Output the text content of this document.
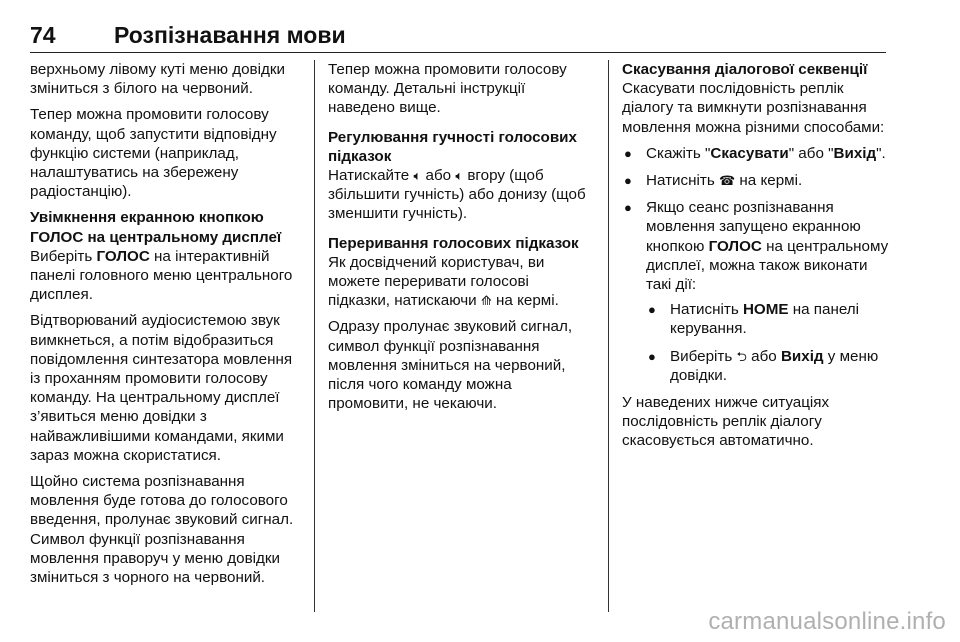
74	Розпізнавання мови

верхньому лівому куті меню довідки зміниться з білого на червоний.

Тепер можна промовити голосову команду, щоб запустити відповідну функцію системи (наприклад, налаштуватись на збережену радіостанцію).

Увімкнення екранною кнопкою ГОЛОС на центральному дисплеї

Виберіть ГОЛОС на інтерактивній панелі головного меню центрального дисплея.

Відтворюваний аудіосистемою звук вимкнеться, а потім відобразиться повідомлення синтезатора мовлення із проханням промовити голосову команду. На центральному дисплеї з’явиться меню довідки з найважливішими командами, якими зараз можна скористатися.

Щойно система розпізнавання мовлення буде готова до голосового введення, пролунає звуковий сигнал. Символ функції розпізнавання мовлення праворуч у меню довідки зміниться з чорного на червоний.

Тепер можна промовити голосову команду. Детальні інструкції наведено вище.

Регулювання гучності голосових підказок

Натискайте 🔈︎ або 🔈︎ вгору (щоб збільшити гучність) або донизу (щоб зменшити гучність).

Переривання голосових підказок

Як досвідчений користувач, ви можете переривати голосові підказки, натискаючи ⟰ на кермі.

Одразу пролунає звуковий сигнал, символ функції розпізнавання мовлення зміниться на червоний, після чого команду можна промовити, не чекаючи.

Скасування діалогової секвенції

Скасувати послідовність реплік діалогу та вимкнути розпізнавання мовлення можна різними способами:

● Скажіть "Скасувати" або "Вихід".
● Натисніть ☎︎ на кермі.
● Якщо сеанс розпізнавання мовлення запущено екранною кнопкою ГОЛОС на центральному дисплеї, можна також виконати такі дії:
● Натисніть HOME на панелі керування.
● Виберіть ⮌ або Вихід у меню довідки.

У наведених нижче ситуаціях послідовність реплік діалогу скасовується автоматично.

carmanualsonline.info
